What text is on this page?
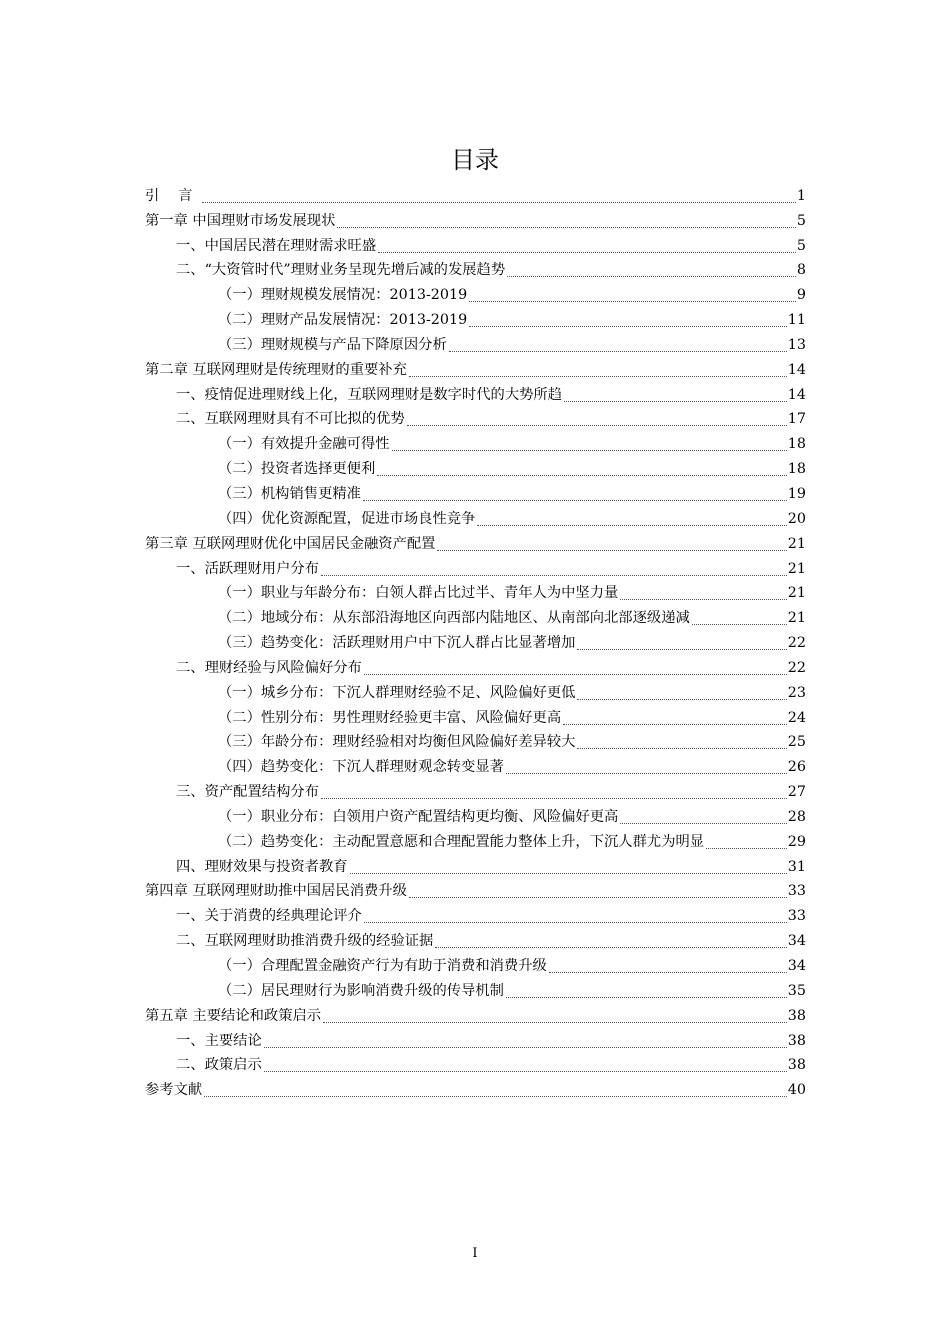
目录
引 言	1
第一章 中国理财市场发展现状	5
一、中国居民潜在理财需求旺盛	5
二、“大资管时代”理财业务呈现先增后减的发展趋势	8
（一）理财规模发展情况：2013-2019	9
（二）理财产品发展情况：2013-2019	11
（三）理财规模与产品下降原因分析	13
第二章 互联网理财是传统理财的重要补充	14
一、疫情促进理财线上化，互联网理财是数字时代的大势所趋	14
二、互联网理财具有不可比拟的优势	17
（一）有效提升金融可得性	18
（二）投资者选择更便利	18
（三）机构销售更精准	19
（四）优化资源配置，促进市场良性竞争	20
第三章 互联网理财优化中国居民金融资产配置	21
一、活跃理财用户分布	21
（一）职业与年龄分布：白领人群占比过半、青年人为中坚力量	21
（二）地域分布：从东部沿海地区向西部内陆地区、从南部向北部逐级递减	21
（三）趋势变化：活跃理财用户中下沉人群占比显著增加	22
二、理财经验与风险偏好分布	22
（一）城乡分布：下沉人群理财经验不足、风险偏好更低	23
（二）性别分布：男性理财经验更丰富、风险偏好更高	24
（三）年龄分布：理财经验相对均衡但风险偏好差异较大	25
（四）趋势变化：下沉人群理财观念转变显著	26
三、资产配置结构分布	27
（一）职业分布：白领用户资产配置结构更均衡、风险偏好更高	28
（二）趋势变化：主动配置意愿和合理配置能力整体上升，下沉人群尤为明显	29
四、理财效果与投资者教育	31
第四章 互联网理财助推中国居民消费升级	33
一、关于消费的经典理论评介	33
二、互联网理财助推消费升级的经验证据	34
（一）合理配置金融资产行为有助于消费和消费升级	34
（二）居民理财行为影响消费升级的传导机制	35
第五章 主要结论和政策启示	38
一、主要结论	38
二、政策启示	38
参考文献	40
I
